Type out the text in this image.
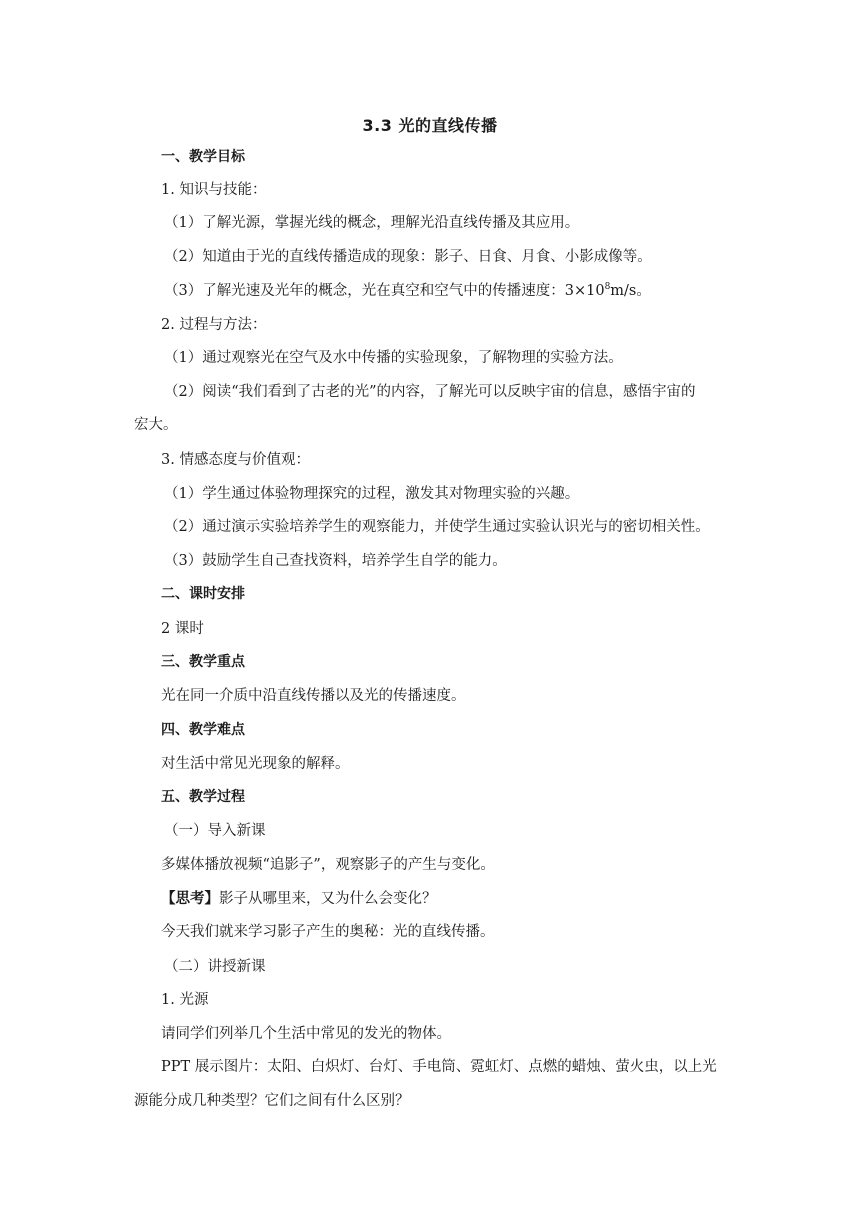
3.3 光的直线传播
一、教学目标
1. 知识与技能：
（1）了解光源，掌握光线的概念，理解光沿直线传播及其应用。
（2）知道由于光的直线传播造成的现象：影子、日食、月食、小影成像等。
（3）了解光速及光年的概念，光在真空和空气中的传播速度：$3\times 10^8m/s$。
2. 过程与方法：
（1）通过观察光在空气及水中传播的实验现象，了解物理的实验方法。
（2）阅读“我们看到了古老的光”的内容，了解光可以反映宇宙的信息，感悟宇宙的
宏大。
3. 情感态度与价值观：
（1）学生通过体验物理探究的过程，激发其对物理实验的兴趣。
（2）通过演示实验培养学生的观察能力，并使学生通过实验认识光与的密切相关性。
（3）鼓励学生自己查找资料，培养学生自学的能力。
二、课时安排
2 课时
三、教学重点
光在同一介质中沿直线传播以及光的传播速度。
四、教学难点
对生活中常见光现象的解释。
五、教学过程
（一）导入新课
多媒体播放视频“追影子”，观察影子的产生与变化。
【思考】影子从哪里来，又为什么会变化？
今天我们就来学习影子产生的奥秘：光的直线传播。
（二）讲授新课
1. 光源
请同学们列举几个生活中常见的发光的物体。
PPT 展示图片：太阳、白炽灯、台灯、手电筒、霓虹灯、点燃的蜡烛、萤火虫，以上光
源能分成几种类型？它们之间有什么区别？
